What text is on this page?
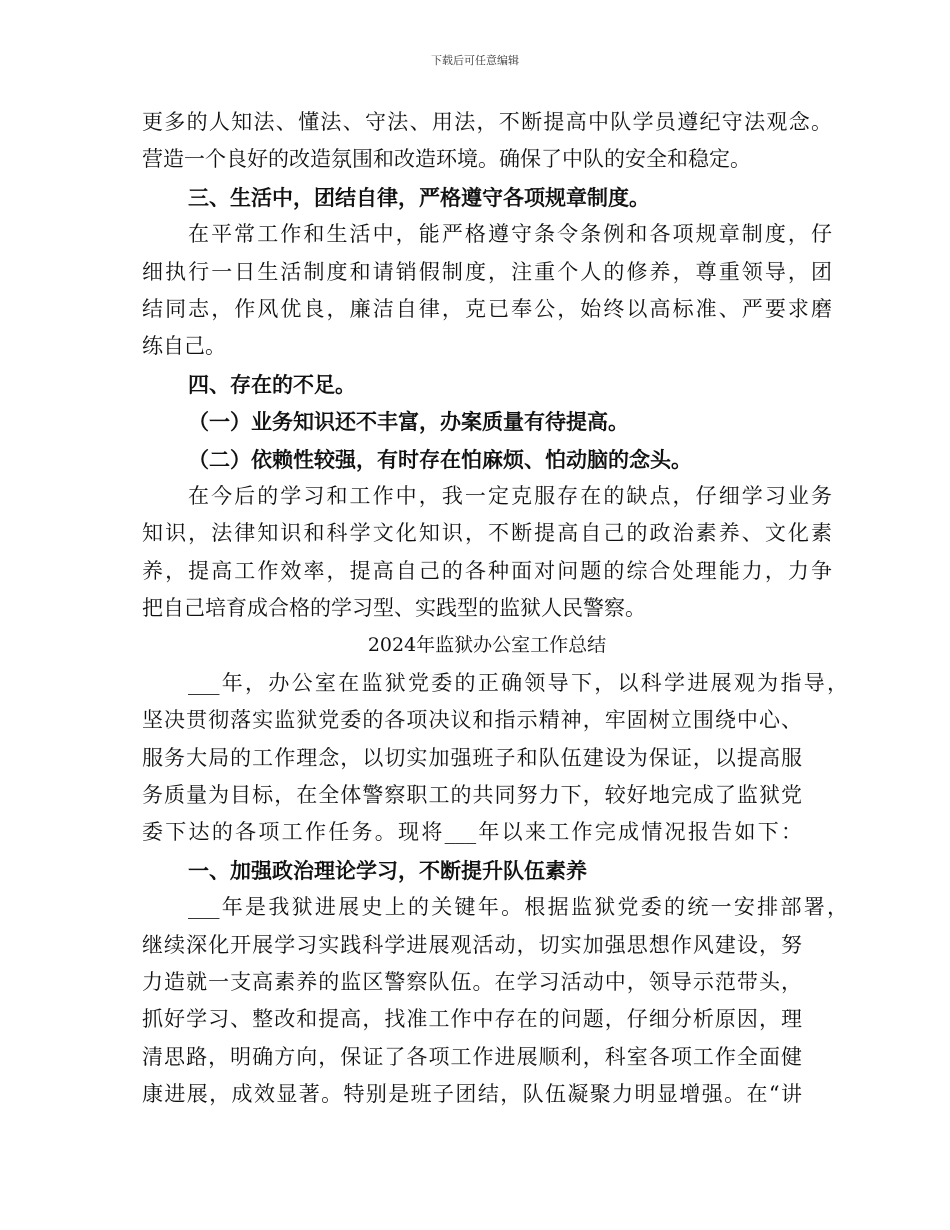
下载后可任意编辑
更多的人知法、懂法、守法、用法，不断提高中队学员遵纪守法观念。
营造一个良好的改造氛围和改造环境。确保了中队的安全和稳定。
三、生活中，团结自律，严格遵守各项规章制度。
在平常工作和生活中，能严格遵守条令条例和各项规章制度，仔
细执行一日生活制度和请销假制度，注重个人的修养，尊重领导，团
结同志，作风优良，廉洁自律，克已奉公，始终以高标准、严要求磨
练自己。
四、存在的不足。
（一）业务知识还不丰富，办案质量有待提高。
（二）依赖性较强，有时存在怕麻烦、怕动脑的念头。
在今后的学习和工作中，我一定克服存在的缺点，仔细学习业务
知识，法律知识和科学文化知识，不断提高自己的政治素养、文化素
养，提高工作效率，提高自己的各种面对问题的综合处理能力，力争
把自己培育成合格的学习型、实践型的监狱人民警察。
2024年监狱办公室工作总结
___年，办公室在监狱党委的正确领导下，以科学进展观为指导，
坚决贯彻落实监狱党委的各项决议和指示精神，牢固树立围绕中心、
服务大局的工作理念，以切实加强班子和队伍建设为保证，以提高服
务质量为目标，在全体警察职工的共同努力下，较好地完成了监狱党
委下达的各项工作任务。现将___年以来工作完成情况报告如下：
一、加强政治理论学习，不断提升队伍素养
___年是我狱进展史上的关键年。根据监狱党委的统一安排部署，
继续深化开展学习实践科学进展观活动，切实加强思想作风建设，努
力造就一支高素养的监区警察队伍。在学习活动中，领导示范带头，
抓好学习、整改和提高，找准工作中存在的问题，仔细分析原因，理
清思路，明确方向，保证了各项工作进展顺利，科室各项工作全面健
康进展，成效显著。特别是班子团结，队伍凝聚力明显增强。在“讲
